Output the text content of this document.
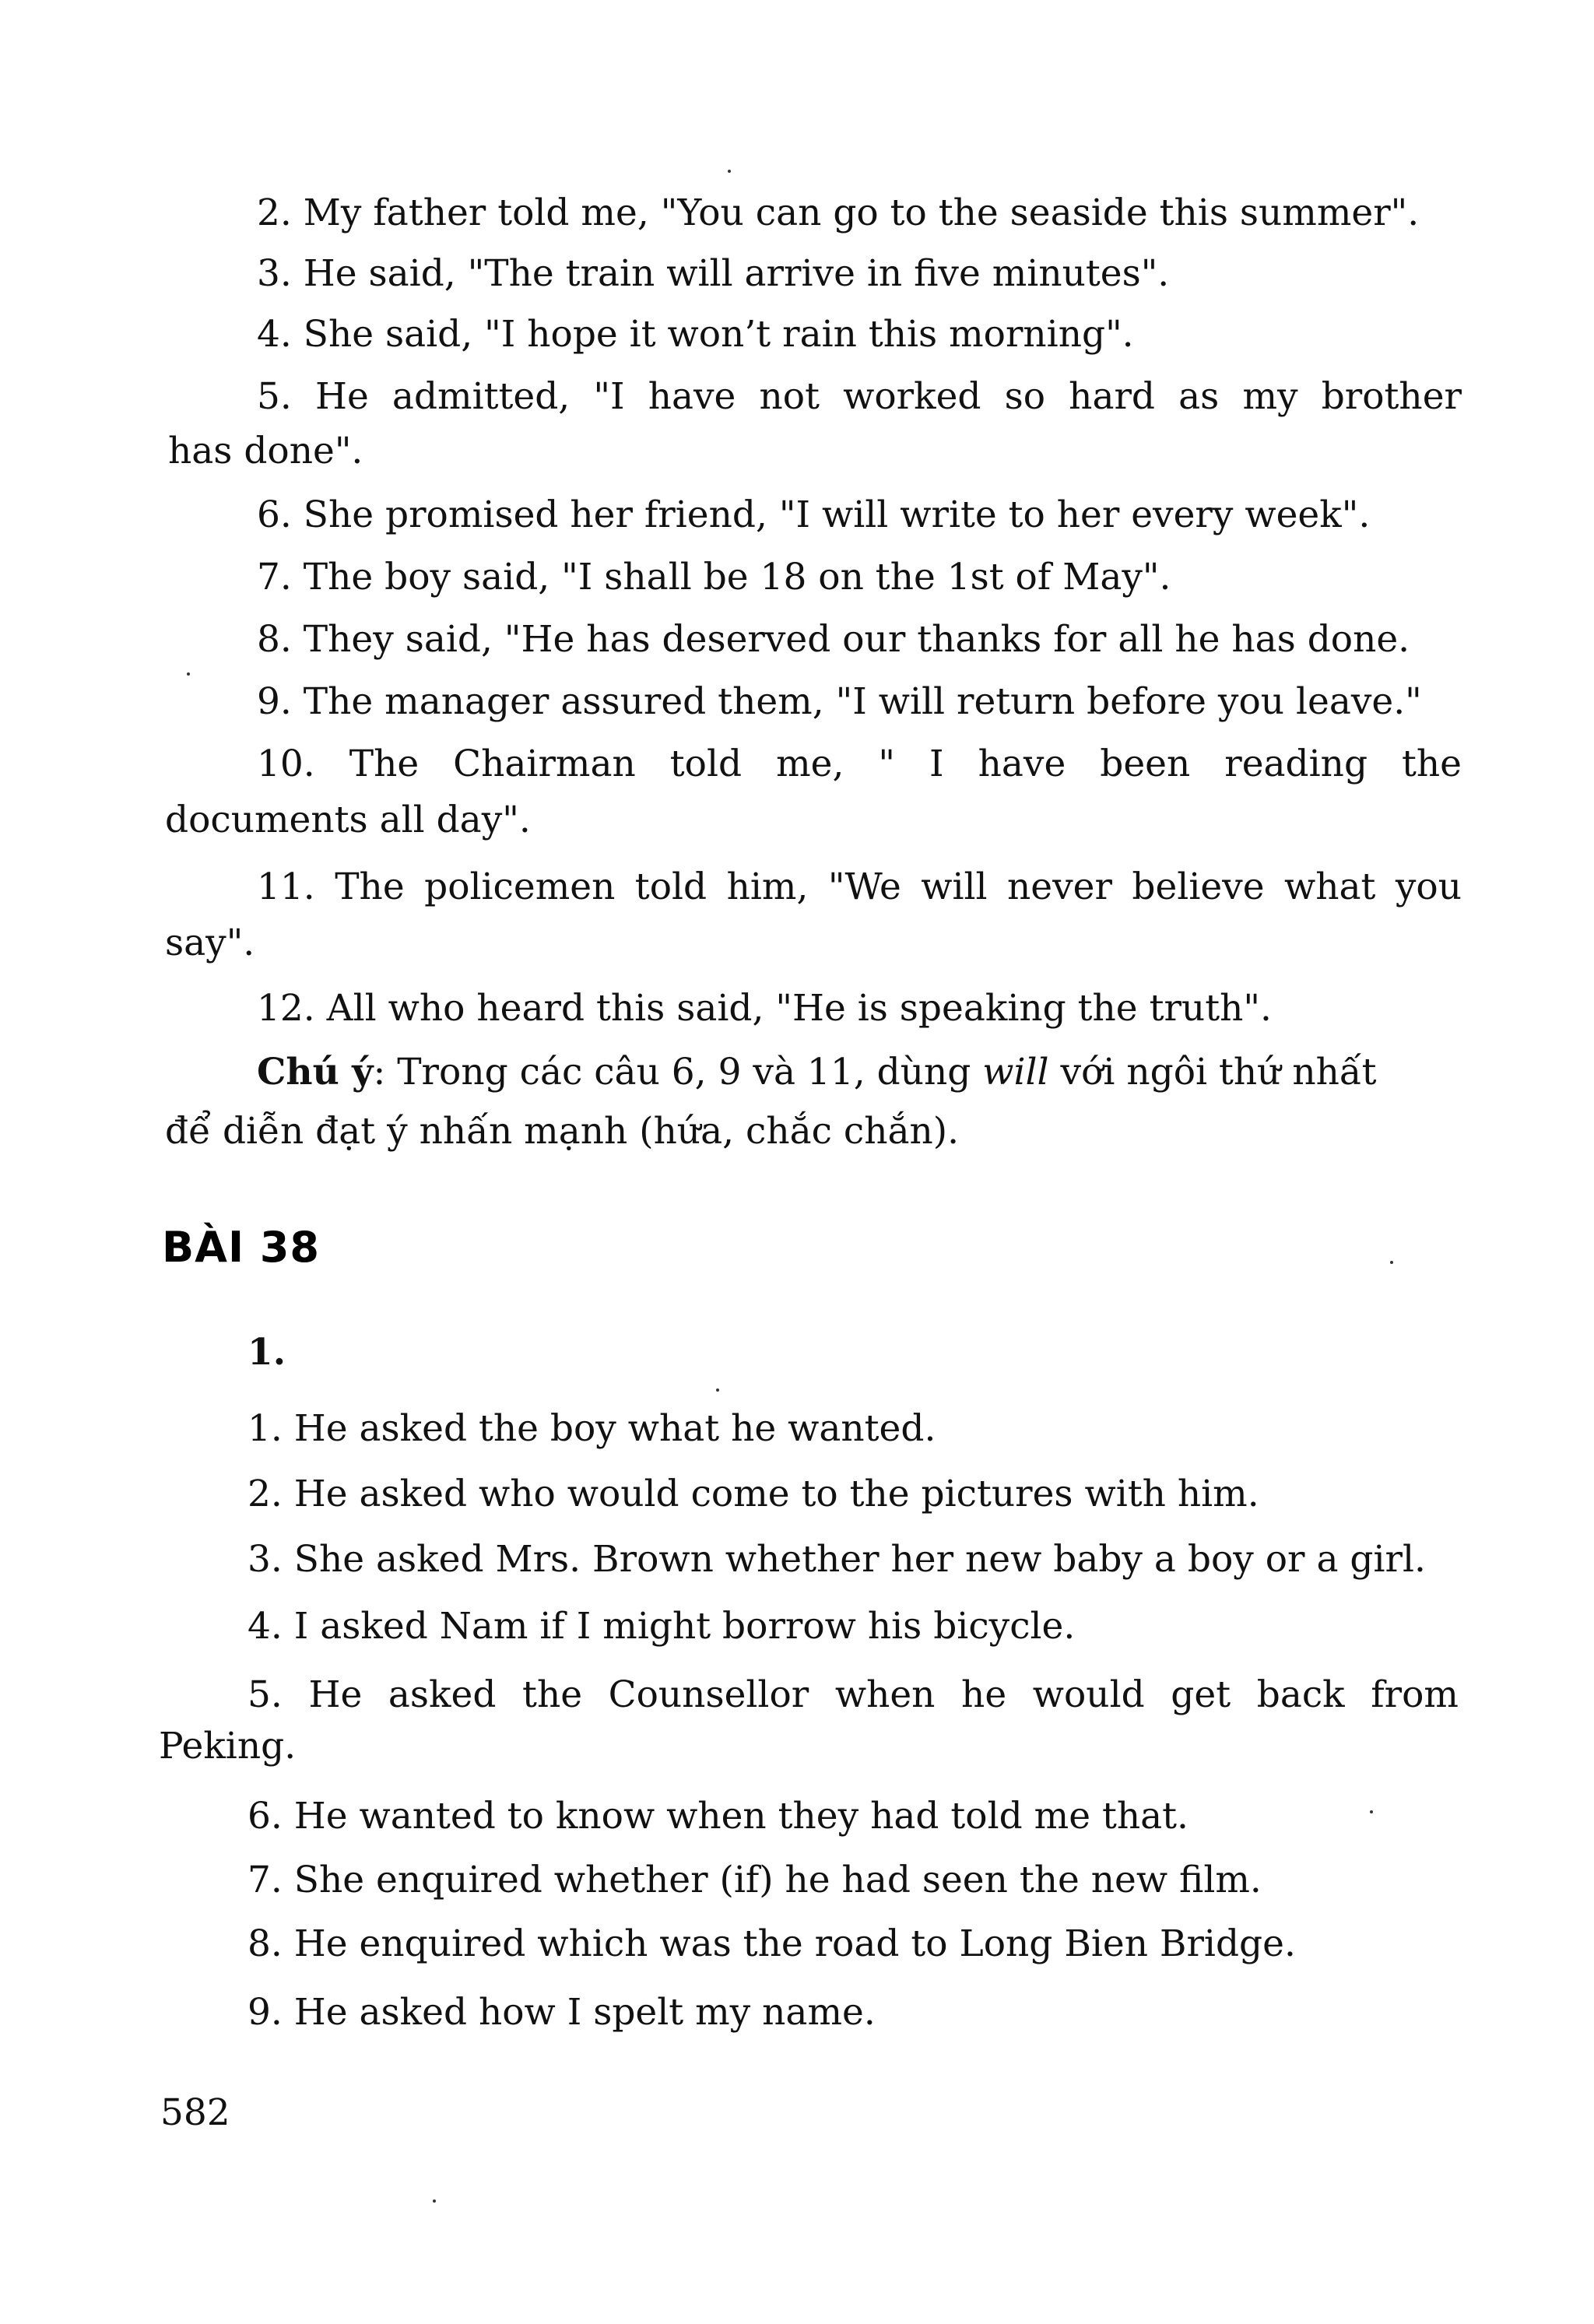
2. My father told me, "You can go to the seaside this summer".
3. He said, "The train will arrive in five minutes".
4. She said, "I hope it won’t rain this morning".
5. He admitted, "I have not worked so hard as my brother
has done".
6. She promised her friend, "I will write to her every week".
7. The boy said, "I shall be 18 on the 1st of May".
8. They said, "He has deserved our thanks for all he has done.
9. The manager assured them, "I will return before you leave."
10. The Chairman told me, " I have been reading the
documents all day".
11. The policemen told him, "We will never believe what you
say".
12. All who heard this said, "He is speaking the truth".
Chú ý: Trong các câu 6, 9 và 11, dùng will với ngôi thứ nhất
để diễn đạt ý nhấn mạnh (hứa, chắc chắn).
BÀI 38
1.
1. He asked the boy what he wanted.
2. He asked who would come to the pictures with him.
3. She asked Mrs. Brown whether her new baby a boy or a girl.
4. I asked Nam if I might borrow his bicycle.
5. He asked the Counsellor when he would get back from
Peking.
6. He wanted to know when they had told me that.
7. She enquired whether (if) he had seen the new film.
8. He enquired which was the road to Long Bien Bridge.
9. He asked how I spelt my name.
582
